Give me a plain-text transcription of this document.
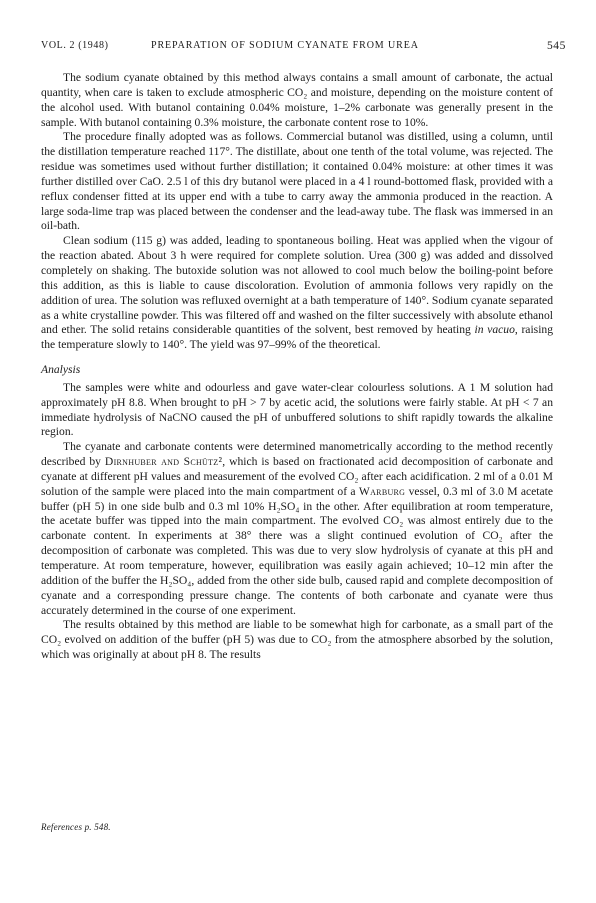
VOL. 2 (1948)	PREPARATION OF SODIUM CYANATE FROM UREA	545

The sodium cyanate obtained by this method always contains a small amount of carbonate, the actual quantity, when care is taken to exclude atmospheric CO₂ and moisture, depending on the moisture content of the alcohol used. With butanol containing 0.04% moisture, 1–2% carbonate was generally present in the sample. With butanol containing 0.3% moisture, the carbonate content rose to 10%.

The procedure finally adopted was as follows. Commercial butanol was distilled, using a column, until the distillation temperature reached 117°. The distillate, about one tenth of the total volume, was rejected. The residue was sometimes used without further distillation; it contained 0.04% moisture: at other times it was further distilled over CaO. 2.5 l of this dry butanol were placed in a 4 l round-bottomed flask, provided with a reflux condenser fitted at its upper end with a tube to carry away the ammonia produced in the reaction. A large soda-lime trap was placed between the condenser and the lead-away tube. The flask was immersed in an oil-bath.

Clean sodium (115 g) was added, leading to spontaneous boiling. Heat was applied when the vigour of the reaction abated. About 3 h were required for complete solution. Urea (300 g) was added and dissolved completely on shaking. The butoxide solution was not allowed to cool much below the boiling-point before this addition, as this is liable to cause discoloration. Evolution of ammonia follows very rapidly on the addition of urea. The solution was refluxed overnight at a bath temperature of 140°. Sodium cyanate separated as a white crystalline powder. This was filtered off and washed on the filter successively with absolute ethanol and ether. The solid retains considerable quantities of the solvent, best removed by heating in vacuo, raising the temperature slowly to 140°. The yield was 97–99% of the theoretical.

Analysis

The samples were white and odourless and gave water-clear colourless solutions. A 1 M solution had approximately pH 8.8. When brought to pH > 7 by acetic acid, the solutions were fairly stable. At pH < 7 an immediate hydrolysis of NaCNO caused the pH of unbuffered solutions to shift rapidly towards the alkaline region.

The cyanate and carbonate contents were determined manometrically according to the method recently described by Dirnhuber and Schütz², which is based on fractionated acid decomposition of carbonate and cyanate at different pH values and measurement of the evolved CO₂ after each acidification. 2 ml of a 0.01 M solution of the sample were placed into the main compartment of a Warburg vessel, 0.3 ml of 3.0 M acetate buffer (pH 5) in one side bulb and 0.3 ml 10% H₂SO₄ in the other. After equilibration at room temperature, the acetate buffer was tipped into the main compartment. The evolved CO₂ was almost entirely due to the carbonate content. In experiments at 38° there was a slight continued evolution of CO₂ after the decomposition of carbonate was completed. This was due to very slow hydrolysis of cyanate at this pH and temperature. At room temperature, however, equilibration was easily again achieved; 10–12 min after the addition of the buffer the H₂SO₄, added from the other side bulb, caused rapid and complete decomposition of cyanate and a corresponding pressure change. The contents of both carbonate and cyanate were thus accurately determined in the course of one experiment.

The results obtained by this method are liable to be somewhat high for carbonate, as a small part of the CO₂ evolved on addition of the buffer (pH 5) was due to CO₂ from the atmosphere absorbed by the solution, which was originally at about pH 8. The results

References p. 548.
